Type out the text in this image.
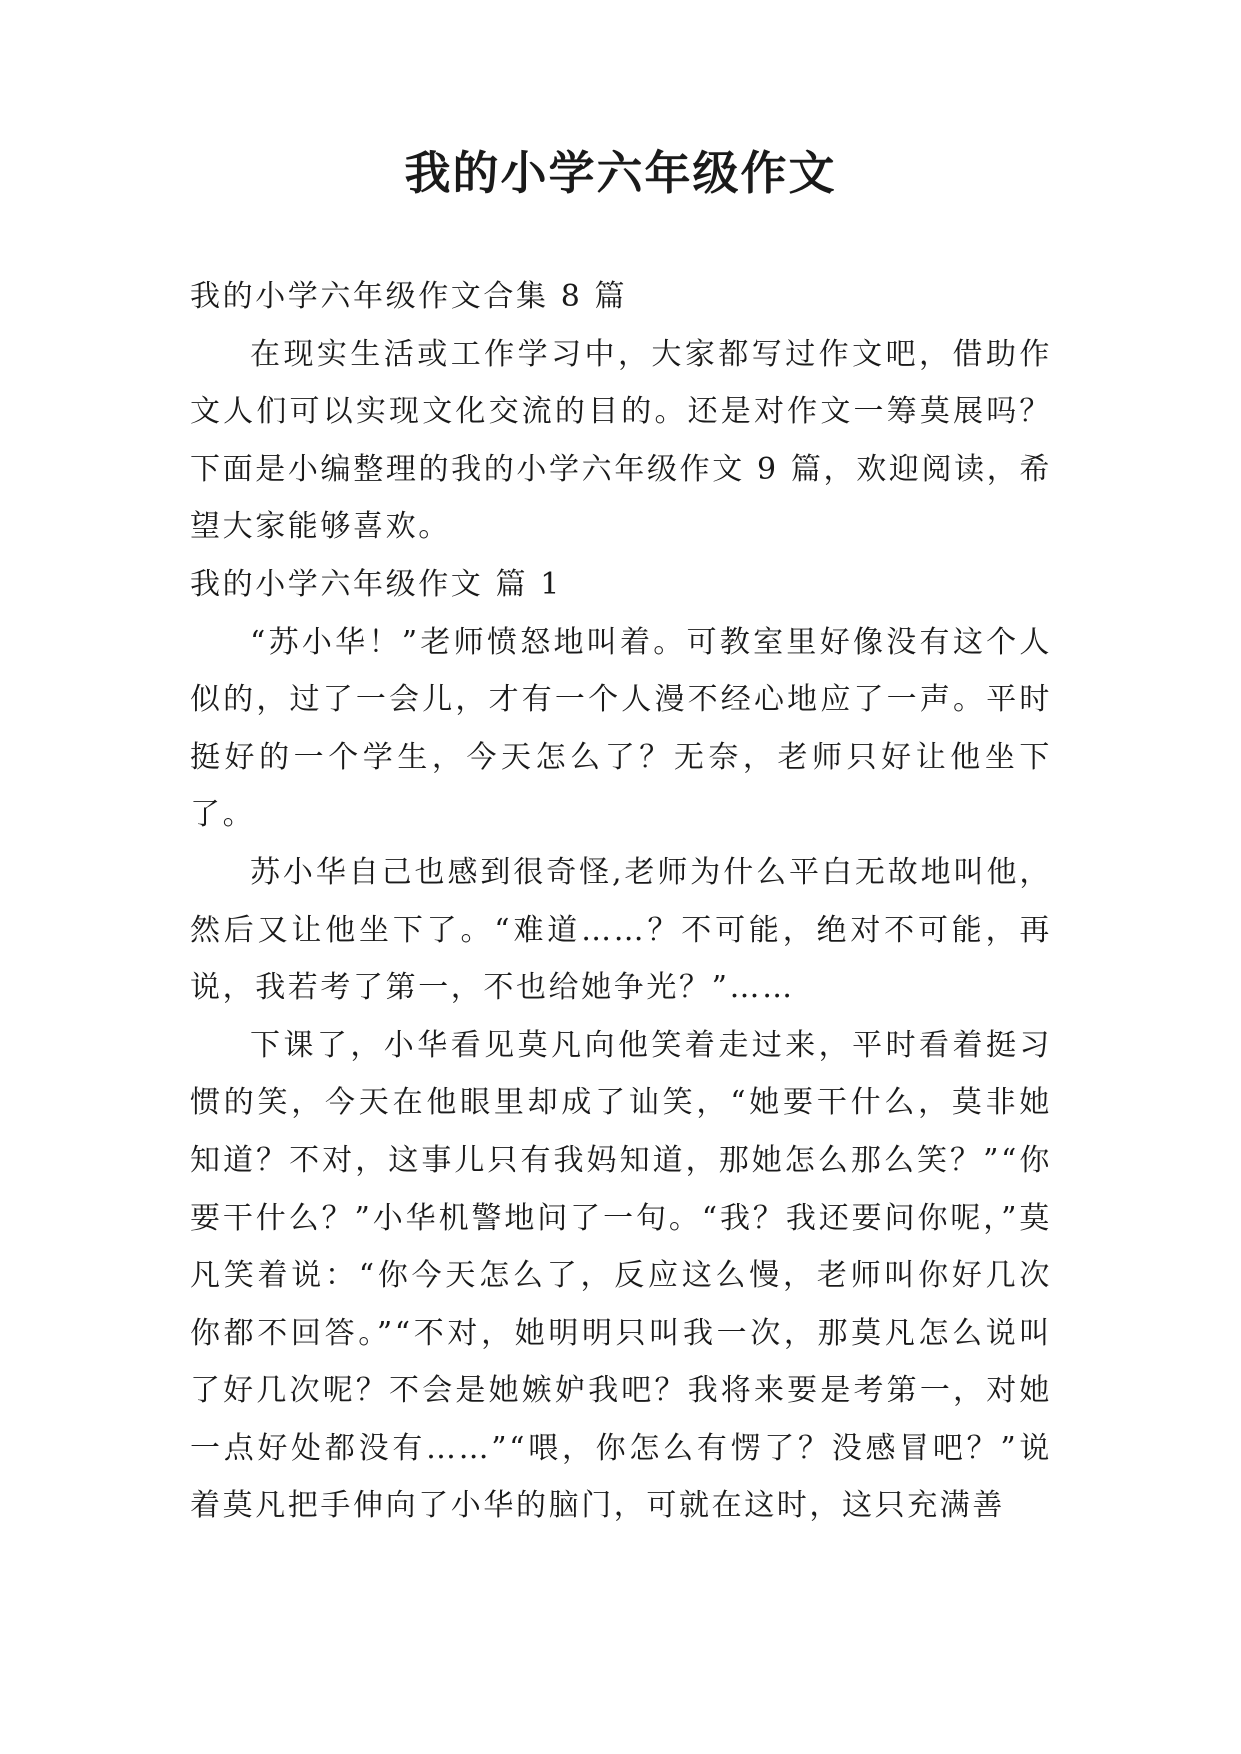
我的小学六年级作文

我的小学六年级作文合集 8 篇

在现实生活或工作学习中，大家都写过作文吧，借助作文人们可以实现文化交流的目的。还是对作文一筹莫展吗？下面是小编整理的我的小学六年级作文 9 篇，欢迎阅读，希望大家能够喜欢。

我的小学六年级作文 篇 1

“苏小华！”老师愤怒地叫着。可教室里好像没有这个人似的，过了一会儿，才有一个人漫不经心地应了一声。平时挺好的一个学生，今天怎么了？无奈，老师只好让他坐下了。

苏小华自己也感到很奇怪,老师为什么平白无故地叫他，然后又让他坐下了。“难道……？不可能，绝对不可能，再说，我若考了第一，不也给她争光？”……

下课了，小华看见莫凡向他笑着走过来，平时看着挺习惯的笑，今天在他眼里却成了讪笑，“她要干什么，莫非她知道？不对，这事儿只有我妈知道，那她怎么那么笑？”“你要干什么？”小华机警地问了一句。“我？我还要问你呢，”莫凡笑着说：“你今天怎么了，反应这么慢，老师叫你好几次你都不回答。”“不对，她明明只叫我一次，那莫凡怎么说叫了好几次呢？不会是她嫉妒我吧？我将来要是考第一，对她一点好处都没有……”“喂，你怎么有愣了？没感冒吧？”说着莫凡把手伸向了小华的脑门，可就在这时，这只充满善
